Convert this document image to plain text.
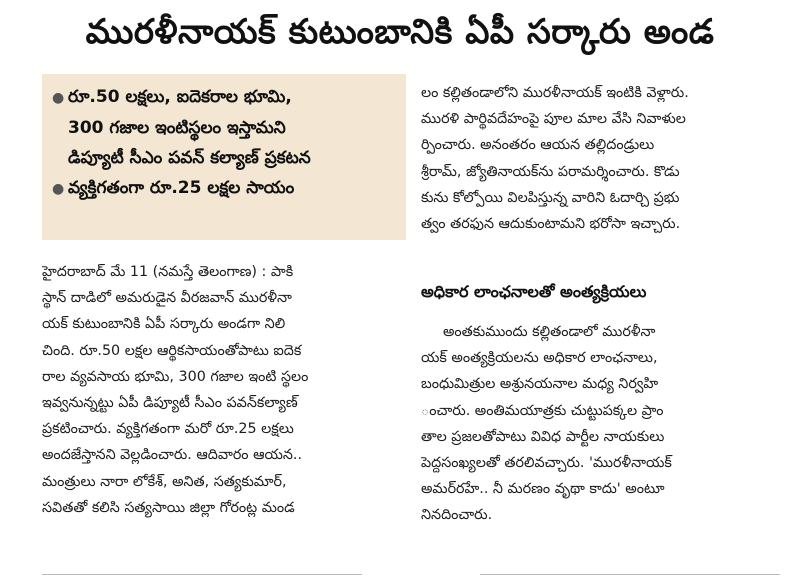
మురళీనాయక్ కుటుంబానికి ఏపీ సర్కారు అండ
● రూ.50 లక్షలు, ఐదెకరాల భూమి,
300 గజాల ఇంటిస్థలం ఇస్తామని
డిప్యూటీ సీఎం పవన్ కల్యాణ్ ప్రకటన
● వ్యక్తిగతంగా రూ.25 లక్షల సాయం
హైదరాబాద్ మే 11 (నమస్తే తెలంగాణ) : పాకి
స్థాన్ దాడిలో అమరుడైన వీరజవాన్ మురళీనా
యక్ కుటుంబానికి ఏపీ సర్కారు అండగా నిలి
చింది. రూ.50 లక్షల ఆర్థికసాయంతోపాటు ఐదెక
రాల వ్యవసాయ భూమి, 300 గజాల ఇంటి స్థలం
ఇవ్వనున్నట్టు ఏపీ డిప్యూటీ సీఎం పవన్‌కల్యాణ్
ప్రకటించారు. వ్యక్తిగతంగా మరో రూ.25 లక్షలు
అందజేస్తానని వెల్లడించారు. ఆదివారం ఆయన..
మంత్రులు నారా లోకేశ్, అనిత, సత్యకుమార్,
సవితతో కలిసి సత్యసాయి జిల్లా గోరంట్ల మండ
లం కల్లితండాలోని మురళీనాయక్ ఇంటికి వెళ్లారు.
మురళి పార్థివదేహంపై పూల మాల వేసి నివాళుల
ర్పించారు. అనంతరం ఆయన తల్లిదండ్రులు
శ్రీరామ్, జ్యోతినాయక్‌ను పరామర్శించారు. కొడు
కును కోల్పోయి విలపిస్తున్న వారిని ఓదార్చి ప్రభు
త్వం తరఫున ఆదుకుంటామని భరోసా ఇచ్చారు.
అధికార లాంఛనాలతో అంత్యక్రియలు
అంతకుముందు కల్లితండాలో మురళీనా
యక్ అంత్యక్రియలను అధికార లాంఛనాలు,
బంధుమిత్రుల అశ్రునయనాల మధ్య నిర్వహి
ంచారు. అంతిమయాత్రకు చుట్టుపక్కల ప్రాం
తాల ప్రజలతోపాటు వివిధ పార్టీల నాయకులు
పెద్దసంఖ్యలతో తరలివచ్చారు. 'మురళీనాయక్
అమర్‌రహే.. నీ మరణం వృథా కాదు' అంటూ
నినదించారు.
